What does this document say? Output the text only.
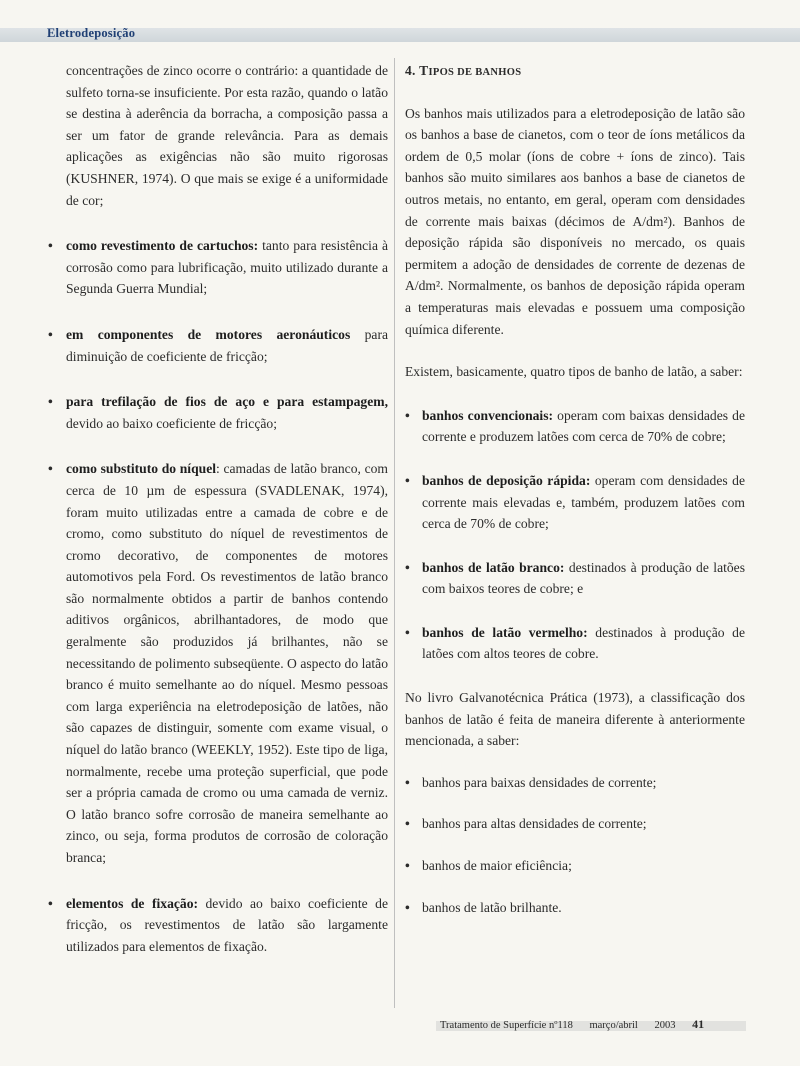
Eletrodeposição

concentrações de zinco ocorre o contrário: a quantidade de sulfeto torna-se insuficiente. Por esta razão, quando o latão se destina à aderência da borracha, a composição passa a ser um fator de grande relevância. Para as demais aplicações as exigências não são muito rigorosas (KUSHNER, 1974). O que mais se exige é a uniformidade de cor;

• como revestimento de cartuchos: tanto para resistência à corrosão como para lubrificação, muito utilizado durante a Segunda Guerra Mundial;
• em componentes de motores aeronáuticos para diminuição de coeficiente de fricção;
• para trefilação de fios de aço e para estampagem, devido ao baixo coeficiente de fricção;
• como substituto do níquel: camadas de latão branco, com cerca de 10 µm de espessura (SVADLENAK, 1974), foram muito utilizadas entre a camada de cobre e de cromo, como substituto do níquel de revestimentos de cromo decorativo, de componentes de motores automotivos pela Ford. Os revestimentos de latão branco são normalmente obtidos a partir de banhos contendo aditivos orgânicos, abrilhantadores, de modo que geralmente são produzidos já brilhantes, não se necessitando de polimento subseqüente. O aspecto do latão branco é muito semelhante ao do níquel. Mesmo pessoas com larga experiência na eletrodeposição de latões, não são capazes de distinguir, somente com exame visual, o níquel do latão branco (WEEKLY, 1952). Este tipo de liga, normalmente, recebe uma proteção superficial, que pode ser a própria camada de cromo ou uma camada de verniz. O latão branco sofre corrosão de maneira semelhante ao zinco, ou seja, forma produtos de corrosão de coloração branca;
• elementos de fixação: devido ao baixo coeficiente de fricção, os revestimentos de latão são largamente utilizados para elementos de fixação.
4. TIPOS DE BANHOS

Os banhos mais utilizados para a eletrodeposição de latão são os banhos a base de cianetos, com o teor de íons metálicos da ordem de 0,5 molar (íons de cobre + íons de zinco). Tais banhos são muito similares aos banhos a base de cianetos de outros metais, no entanto, em geral, operam com densidades de corrente mais baixas (décimos de A/dm²). Banhos de deposição rápida são disponíveis no mercado, os quais permitem a adoção de densidades de corrente de dezenas de A/dm². Normalmente, os banhos de deposição rápida operam a temperaturas mais elevadas e possuem uma composição química diferente.

Existem, basicamente, quatro tipos de banho de latão, a saber:

• banhos convencionais: operam com baixas densidades de corrente e produzem latões com cerca de 70% de cobre;
• banhos de deposição rápida: operam com densidades de corrente mais elevadas e, também, produzem latões com cerca de 70% de cobre;
• banhos de latão branco: destinados à produção de latões com baixos teores de cobre; e
• banhos de latão vermelho: destinados à produção de latões com altos teores de cobre.

No livro Galvanotécnica Prática (1973), a classificação dos banhos de latão é feita de maneira diferente à anteriormente mencionada, a saber:

• banhos para baixas densidades de corrente;
• banhos para altas densidades de corrente;
• banhos de maior eficiência;
• banhos de latão brilhante.
Tratamento de Superfície nº118 março/abril 2003 41
